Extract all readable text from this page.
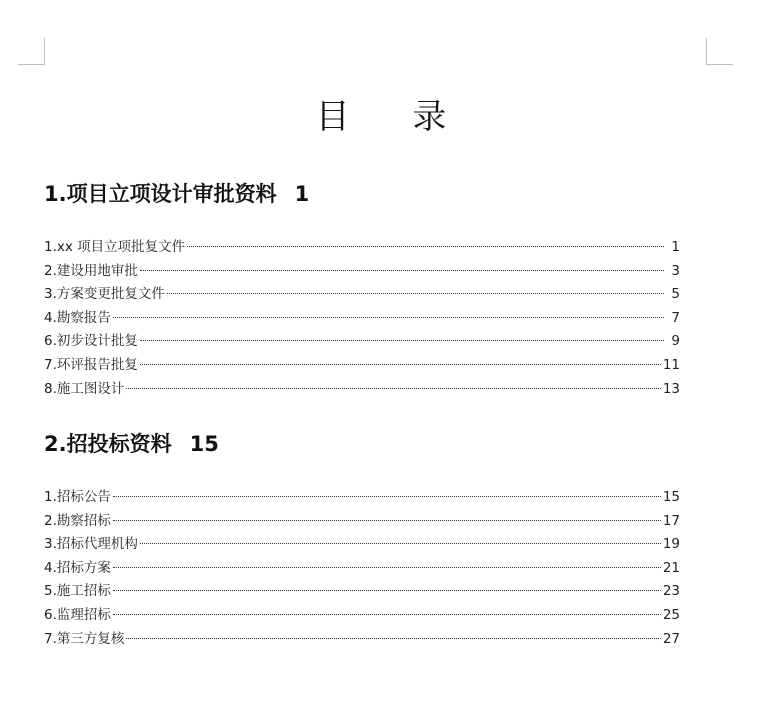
目 录
1.项目立项设计审批资料 1
1.xx 项目立项批复文件	1
2.建设用地审批	3
3.方案变更批复文件	5
4.勘察报告	7
6.初步设计批复	9
7.环评报告批复	11
8.施工图设计	13
2.招投标资料 15
1.招标公告	15
2.勘察招标	17
3.招标代理机构	19
4.招标方案	21
5.施工招标	23
6.监理招标	25
7.第三方复核	27
